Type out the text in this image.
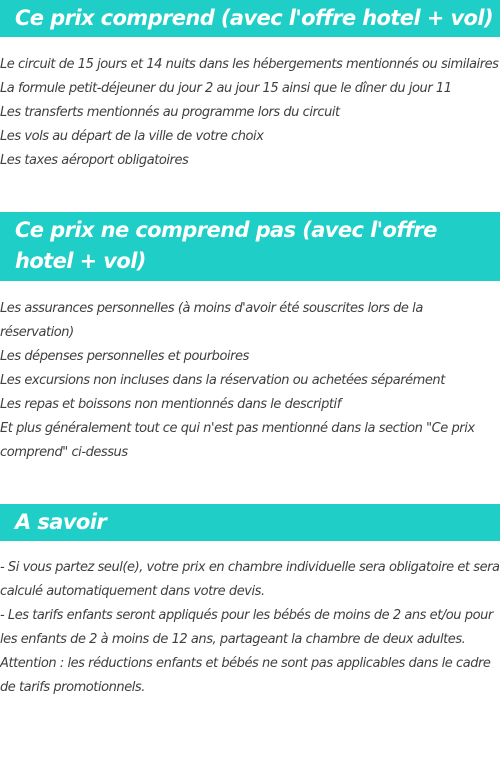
Ce prix comprend (avec l'offre hotel + vol)
Le circuit de 15 jours et 14 nuits dans les hébergements mentionnés ou similaires
La formule petit-déjeuner du jour 2 au jour 15 ainsi que le dîner du jour 11
Les transferts mentionnés au programme lors du circuit
Les vols au départ de la ville de votre choix
Les taxes aéroport obligatoires
Ce prix ne comprend pas (avec l'offre hotel + vol)
Les assurances personnelles (à moins d'avoir été souscrites lors de la réservation)
Les dépenses personnelles et pourboires
Les excursions non incluses dans la réservation ou achetées séparément
Les repas et boissons non mentionnés dans le descriptif
Et plus généralement tout ce qui n'est pas mentionné dans la section "Ce prix comprend" ci-dessus
A savoir
- Si vous partez seul(e), votre prix en chambre individuelle sera obligatoire et sera calculé automatiquement dans votre devis.
- Les tarifs enfants seront appliqués pour les bébés de moins de 2 ans et/ou pour les enfants de 2 à moins de 12 ans, partageant la chambre de deux adultes.
Attention : les réductions enfants et bébés ne sont pas applicables dans le cadre de tarifs promotionnels.
